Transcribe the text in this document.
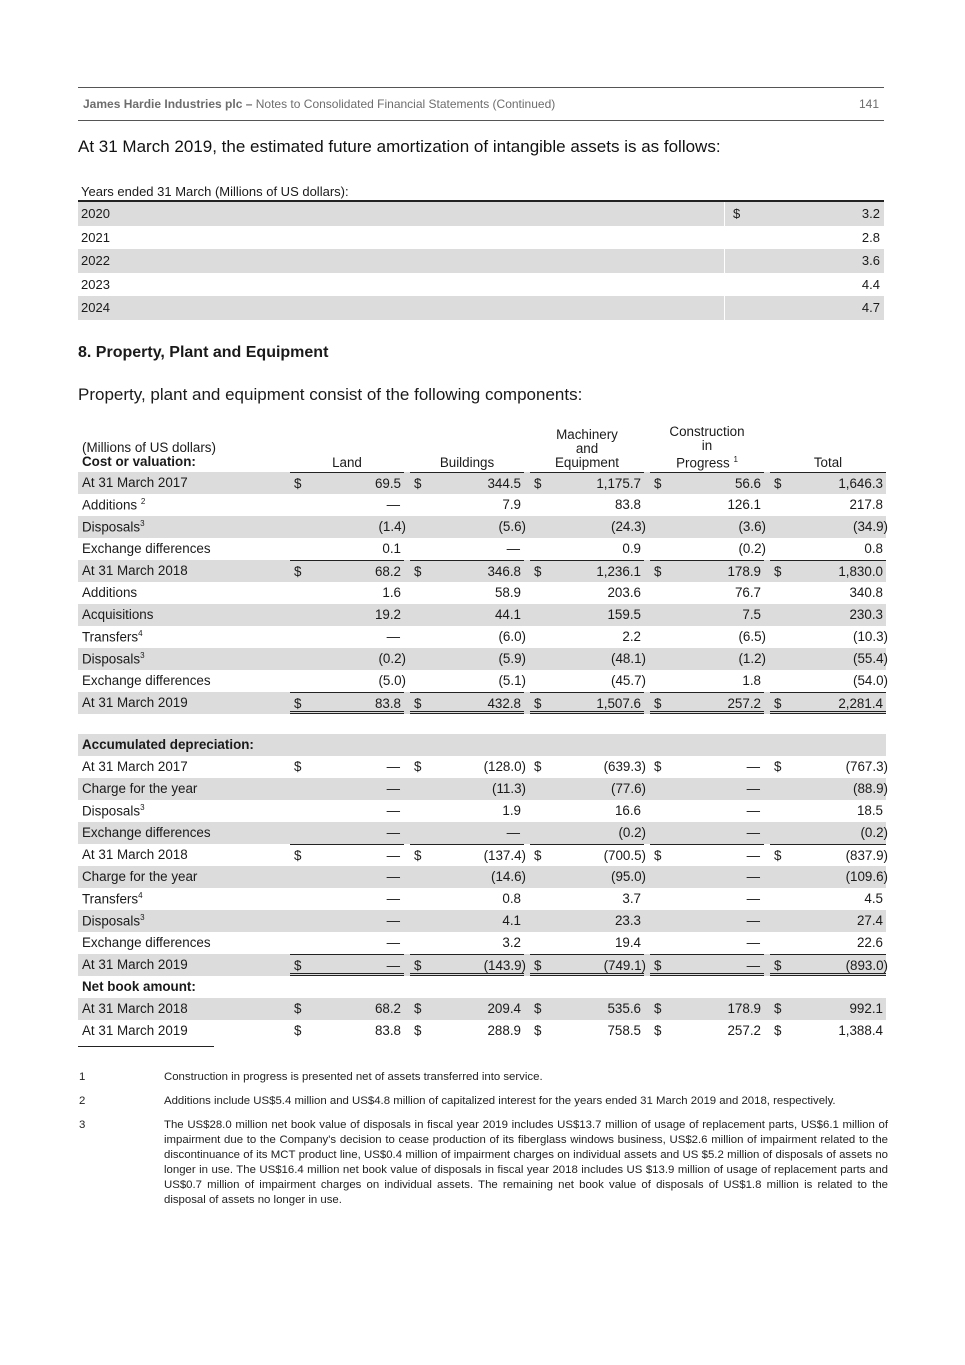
James Hardie Industries plc – Notes to Consolidated Financial Statements (Continued)	141
At 31 March 2019, the estimated future amortization of intangible assets is as follows:
Years ended 31 March (Millions of US dollars):
2020	$	3.2
2021	2.8
2022	3.6
2023	4.4
2024	4.7
8. Property, Plant and Equipment
Property, plant and equipment consist of the following components:
(Millions of US dollars)
Cost or valuation:	Land	Buildings
Machinery
and
Equipment
Construction
in
Progress $^1$	Total
At 31 March 2017	$	69.5 $	344.5 $	1,175.7 $	56.6 $	1,646.3
Additions $^2$	—	7.9	83.8	126.1	217.8
Disposals$^3$	(1.4)	(5.6)	(24.3)	(3.6)	(34.9)
Exchange differences	0.1	—	0.9	(0.2)	0.8
At 31 March 2018	$	68.2 $	346.8 $	1,236.1 $	178.9 $	1,830.0
Additions	1.6	58.9	203.6	76.7	340.8
Acquisitions	19.2	44.1	159.5	7.5	230.3
Transfers$^4$	—	(6.0)	2.2	(6.5)	(10.3)
Disposals$^3$	(0.2)	(5.9)	(48.1)	(1.2)	(55.4)
Exchange differences	(5.0)	(5.1)	(45.7)	1.8	(54.0)
At 31 March 2019	$	83.8 $	432.8 $	1,507.6 $	257.2 $	2,281.4
Accumulated depreciation:
At 31 March 2017	$	— $	(128.0) $	(639.3) $	— $	(767.3)
Charge for the year	—	(11.3)	(77.6)	—	(88.9)
Disposals$^3$	—	1.9	16.6	—	18.5
Exchange differences	—	—	(0.2)	—	(0.2)
At 31 March 2018	$	— $	(137.4) $	(700.5) $	— $	(837.9)
Charge for the year	—	(14.6)	(95.0)	—	(109.6)
Transfers$^4$	—	0.8	3.7	—	4.5
Disposals$^3$	—	4.1	23.3	—	27.4
Exchange differences	—	3.2	19.4	—	22.6
At 31 March 2019	$	— $	(143.9) $	(749.1) $	— $	(893.0)
Net book amount:
At 31 March 2018	$	68.2 $	209.4 $	535.6 $	178.9 $	992.1
At 31 March 2019	$	83.8 $	288.9 $	758.5 $	257.2 $	1,388.4
1	Construction in progress is presented net of assets transferred into service.
2	Additions include US$5.4 million and US$4.8 million of capitalized interest for the years ended 31 March 2019 and 2018, respectively.
3	The US$28.0 million net book value of disposals in fiscal year 2019 includes US$13.7 million of usage of replacement parts, US$6.1 million of impairment due to the Company's decision to cease production of its fiberglass windows business, US$2.6 million of impairment related to the discontinuance of its MCT product line, US$0.4 million of impairment charges on individual assets and US $5.2 million of disposals of assets no longer in use. The US$16.4 million net book value of disposals in fiscal year 2018 includes US $13.9 million of usage of replacement parts and US$0.7 million of impairment charges on individual assets. The remaining net book value of disposals of US$1.8 million is related to the disposal of assets no longer in use.
